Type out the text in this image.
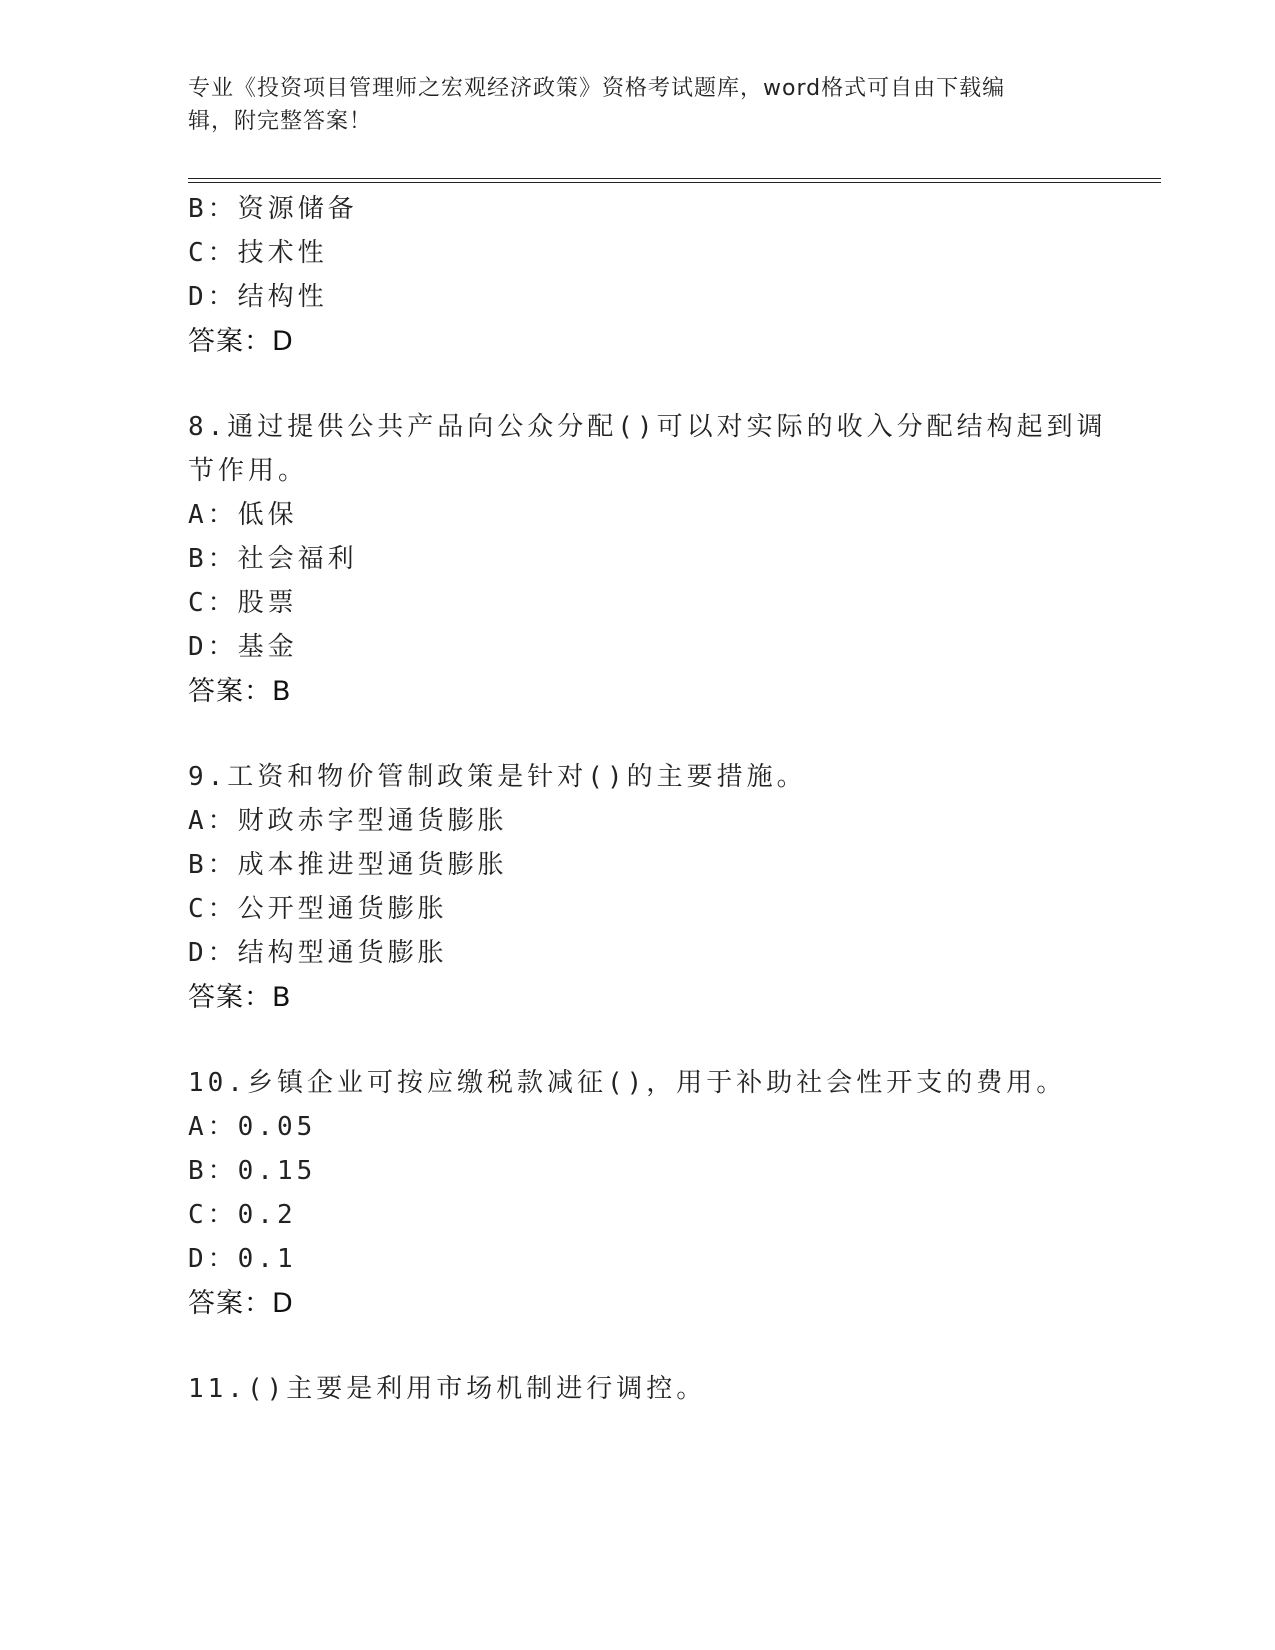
专业《投资项目管理师之宏观经济政策》资格考试题库，word格式可自由下载编
辑，附完整答案！
B：资源储备
C：技术性
D：结构性
答案：D
8.通过提供公共产品向公众分配()可以对实际的收入分配结构起到调
节作用。
A：低保
B：社会福利
C：股票
D：基金
答案：B
9.工资和物价管制政策是针对()的主要措施。
A：财政赤字型通货膨胀
B：成本推进型通货膨胀
C：公开型通货膨胀
D：结构型通货膨胀
答案：B
10.乡镇企业可按应缴税款减征()，用于补助社会性开支的费用。
A：0.05
B：0.15
C：0.2
D：0.1
答案：D
11.()主要是利用市场机制进行调控。
